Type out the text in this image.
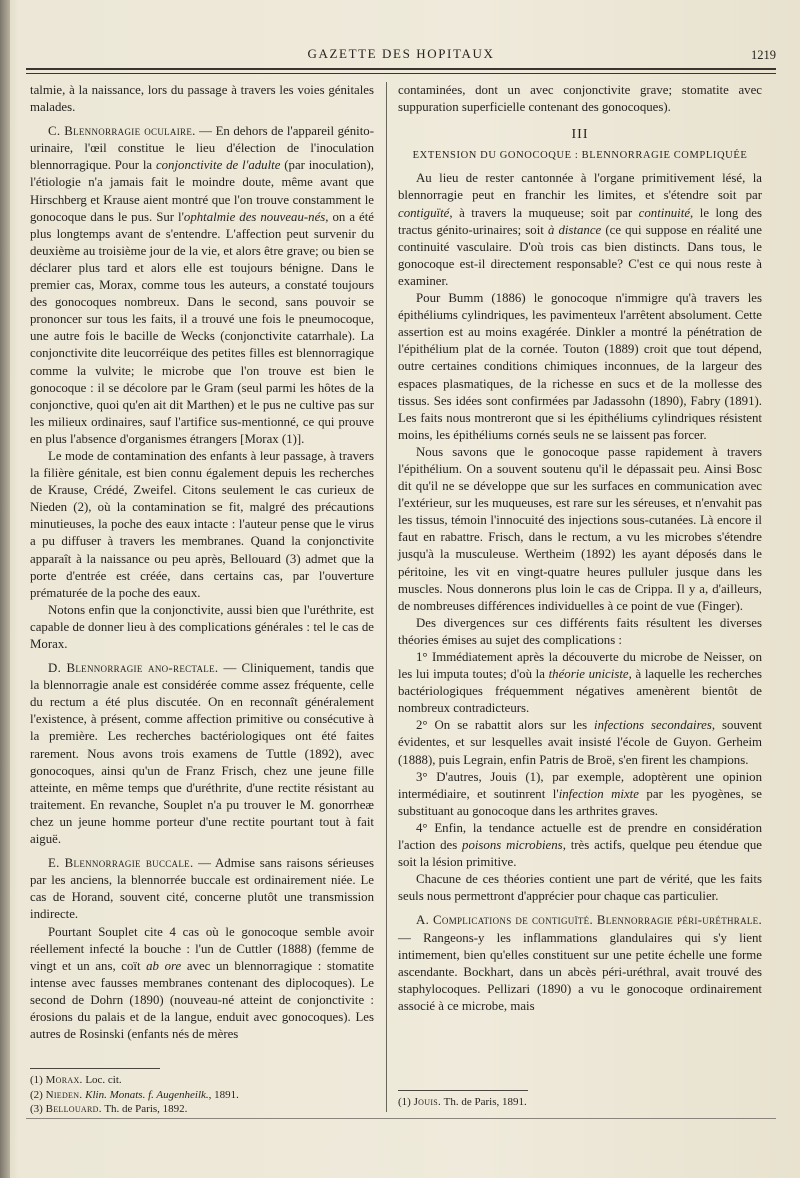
GAZETTE DES HOPITAUX	1219

talmie, à la naissance, lors du passage à travers les voies génitales malades.

C. Blennorragie oculaire. — En dehors de l'appareil génito-urinaire, l'œil constitue le lieu d'élection de l'inoculation blennorragique. Pour la conjonctivite de l'adulte (par inoculation), l'étiologie n'a jamais fait le moindre doute, même avant que Hirschberg et Krause aient montré que l'on trouve constamment le gonocoque dans le pus. Sur l'ophtalmie des nouveau-nés, on a été plus longtemps avant de s'entendre. L'affection peut survenir du deuxième au troisième jour de la vie, et alors être grave; ou bien se déclarer plus tard et alors elle est toujours bénigne. Dans le premier cas, Morax, comme tous les auteurs, a constaté toujours des gonocoques nombreux. Dans le second, sans pouvoir se prononcer sur tous les faits, il a trouvé une fois le pneumocoque, une autre fois le bacille de Wecks (conjonctivite catarrhale). La conjonctivite dite leucorréique des petites filles est blennorragique comme la vulvite; le microbe que l'on trouve est bien le gonocoque : il se décolore par le Gram (seul parmi les hôtes de la conjonctive, quoi qu'en ait dit Marthen) et le pus ne cultive pas sur les milieux ordinaires, sauf l'artifice sus-mentionné, ce qui prouve en plus l'absence d'organismes étrangers [Morax (1)].

Le mode de contamination des enfants à leur passage, à travers la filière génitale, est bien connu également depuis les recherches de Krause, Crédé, Zweifel. Citons seulement le cas curieux de Nieden (2), où la contamination se fit, malgré des précautions minutieuses, la poche des eaux intacte : l'auteur pense que le virus a pu diffuser à travers les membranes. Quand la conjonctivite apparaît à la naissance ou peu après, Bellouard (3) admet que la porte d'entrée est créée, dans certains cas, par l'ouverture prématurée de la poche des eaux.

Notons enfin que la conjonctivite, aussi bien que l'uréthrite, est capable de donner lieu à des complications générales : tel le cas de Morax.

D. Blennorragie ano-rectale. — Cliniquement, tandis que la blennorragie anale est considérée comme assez fréquente, celle du rectum a été plus discutée. On en reconnaît généralement l'existence, à présent, comme affection primitive ou consécutive à la première. Les recherches bactériologiques ont été faites rarement. Nous avons trois examens de Tuttle (1892), avec gonocoques, ainsi qu'un de Franz Frisch, chez une jeune fille atteinte, en même temps que d'uréthrite, d'une rectite résistant au traitement. En revanche, Souplet n'a pu trouver le M. gonorrheæ chez un jeune homme porteur d'une rectite pourtant tout à fait aiguë.

E. Blennorragie buccale. — Admise sans raisons sérieuses par les anciens, la blennorrée buccale est ordinairement niée. Le cas de Horand, souvent cité, concerne plutôt une transmission indirecte.

Pourtant Souplet cite 4 cas où le gonocoque semble avoir réellement infecté la bouche : l'un de Cuttler (1888) (femme de vingt et un ans, coït ab ore avec un blennorragique : stomatite intense avec fausses membranes contenant des diplocoques). Le second de Dohrn (1890) (nouveau-né atteint de conjonctivite : érosions du palais et de la langue, enduit avec gonocoques). Les autres de Rosinski (enfants nés de mères

(1) Morax. Loc. cit.

(2) Nieden. Klin. Monats. f. Augenheilk., 1891.

(3) Bellouard. Th. de Paris, 1892.

contaminées, dont un avec conjonctivite grave; stomatite avec suppuration superficielle contenant des gonocoques).

III

EXTENSION DU GONOCOQUE : BLENNORRAGIE COMPLIQUÉE

Au lieu de rester cantonnée à l'organe primitivement lésé, la blennorragie peut en franchir les limites, et s'étendre soit par contiguïté, à travers la muqueuse; soit par continuité, le long des tractus génito-urinaires; soit à distance (ce qui suppose en réalité une continuité vasculaire. D'où trois cas bien distincts. Dans tous, le gonocoque est-il directement responsable? C'est ce qui nous reste à examiner.

Pour Bumm (1886) le gonocoque n'immigre qu'à travers les épithéliums cylindriques, les pavimenteux l'arrêtent absolument. Cette assertion est au moins exagérée. Dinkler a montré la pénétration de l'épithélium plat de la cornée. Touton (1889) croit que tout dépend, outre certaines conditions chimiques inconnues, de la largeur des espaces plasmatiques, de la richesse en sucs et de la mollesse des tissus. Ses idées sont confirmées par Jadassohn (1890), Fabry (1891). Les faits nous montreront que si les épithéliums cylindriques résistent moins, les épithéliums cornés seuls ne se laissent pas forcer.

Nous savons que le gonocoque passe rapidement à travers l'épithélium. On a souvent soutenu qu'il le dépassait peu. Ainsi Bosc dit qu'il ne se développe que sur les surfaces en communication avec l'extérieur, sur les muqueuses, est rare sur les séreuses, et n'envahit pas les tissus, témoin l'innocuité des injections sous-cutanées. Là encore il faut en rabattre. Frisch, dans le rectum, a vu les microbes s'étendre jusqu'à la musculeuse. Wertheim (1892) les ayant déposés dans le péritoine, les vit en vingt-quatre heures pulluler jusque dans les muscles. Nous donnerons plus loin le cas de Crippa. Il y a, d'ailleurs, de nombreuses différences individuelles à ce point de vue (Finger).

Des divergences sur ces différents faits résultent les diverses théories émises au sujet des complications :

1° Immédiatement après la découverte du microbe de Neisser, on les lui imputa toutes; d'où la théorie uniciste, à laquelle les recherches bactériologiques fréquemment négatives amenèrent bientôt de nombreux contradicteurs.

2° On se rabattit alors sur les infections secondaires, souvent évidentes, et sur lesquelles avait insisté l'école de Guyon. Gerheim (1888), puis Legrain, enfin Patris de Broë, s'en firent les champions.

3° D'autres, Jouis (1), par exemple, adoptèrent une opinion intermédiaire, et soutinrent l'infection mixte par les pyogènes, se substituant au gonocoque dans les arthrites graves.

4° Enfin, la tendance actuelle est de prendre en considération l'action des poisons microbiens, très actifs, quelque peu étendue que soit la lésion primitive.

Chacune de ces théories contient une part de vérité, que les faits seuls nous permettront d'apprécier pour chaque cas particulier.

A. Complications de contiguïté. Blennorragie péri-uréthrale. — Rangeons-y les inflammations glandulaires qui s'y lient intimement, bien qu'elles constituent sur une petite échelle une forme ascendante. Bockhart, dans un abcès péri-uréthral, avait trouvé des staphylocoques. Pellizari (1890) a vu le gonocoque ordinairement associé à ce microbe, mais

(1) Jouis. Th. de Paris, 1891.
